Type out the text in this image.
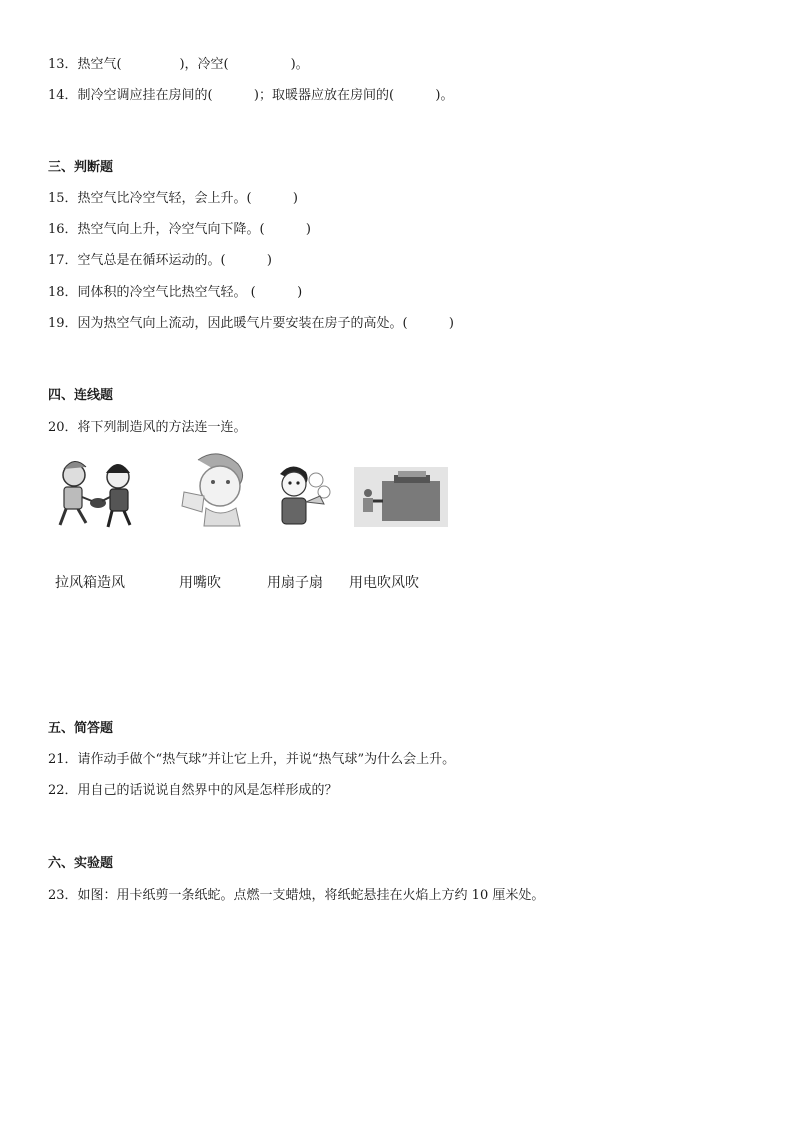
13．热空气(              )，冷空(               )。
14．制冷空调应挂在房间的(          )；取暖器应放在房间的(          )。
三、判断题
15．热空气比冷空气轻，会上升。(          )
16．热空气向上升，冷空气向下降。(          )
17．空气总是在循环运动的。(          )
18．同体积的冷空气比热空气轻。 (          )
19．因为热空气向上流动，因此暖气片要安装在房子的高处。(          )
四、连线题
20．将下列制造风的方法连一连。
拉风箱造风	用嘴吹	用扇子扇 用电吹风吹
五、简答题
21．请作动手做个“热气球”并让它上升，并说“热气球”为什么会上升。
22．用自己的话说说自然界中的风是怎样形成的？
六、实验题
23．如图：用卡纸剪一条纸蛇。点燃一支蜡烛，将纸蛇悬挂在火焰上方约 10 厘米处。
